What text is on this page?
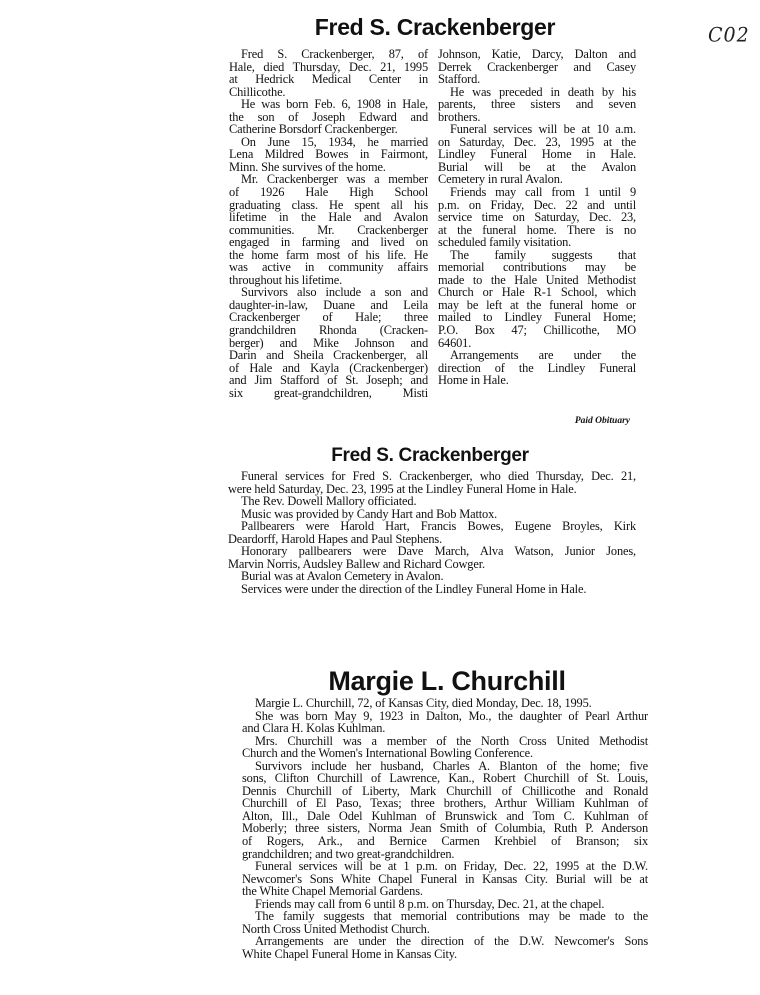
C02
Fred S. Crackenberger
Fred S. Crackenberger, 87, of
Hale, died Thursday, Dec. 21, 1995
at Hedrick Medical Center in
Chillicothe.
He was born Feb. 6, 1908 in Hale,
the son of Joseph Edward and
Catherine Borsdorf Crackenberger.
On June 15, 1934, he married
Lena Mildred Bowes in Fairmont,
Minn. She survives of the home.
Mr. Crackenberger was a member
of 1926 Hale High School
graduating class. He spent all his
lifetime in the Hale and Avalon
communities. Mr. Crackenberger
engaged in farming and lived on
the home farm most of his life. He
was active in community affairs
throughout his lifetime.
Survivors also include a son and
daughter-in-law, Duane and Leila
Crackenberger of Hale; three
grandchildren Rhonda (Cracken-
berger) and Mike Johnson and
Darin and Sheila Crackenberger, all
of Hale and Kayla (Crackenberger)
and Jim Stafford of St. Joseph; and
six great-grandchildren, Misti
Johnson, Katie, Darcy, Dalton and
Derrek Crackenberger and Casey
Stafford.
He was preceded in death by his
parents, three sisters and seven
brothers.
Funeral services will be at 10 a.m.
on Saturday, Dec. 23, 1995 at the
Lindley Funeral Home in Hale.
Burial will be at the Avalon
Cemetery in rural Avalon.
Friends may call from 1 until 9
p.m. on Friday, Dec. 22 and until
service time on Saturday, Dec. 23,
at the funeral home. There is no
scheduled family visitation.
The family suggests that
memorial contributions may be
made to the Hale United Methodist
Church or Hale R-1 School, which
may be left at the funeral home or
mailed to Lindley Funeral Home;
P.O. Box 47; Chillicothe, MO
64601.
Arrangements are under the
direction of the Lindley Funeral
Home in Hale.
Paid Obituary
Fred S. Crackenberger
Funeral services for Fred S. Crackenberger, who died Thursday, Dec. 21,
were held Saturday, Dec. 23, 1995 at the Lindley Funeral Home in Hale.
The Rev. Dowell Mallory officiated.
Music was provided by Candy Hart and Bob Mattox.
Pallbearers were Harold Hart, Francis Bowes, Eugene Broyles, Kirk
Deardorff, Harold Hapes and Paul Stephens.
Honorary pallbearers were Dave March, Alva Watson, Junior Jones,
Marvin Norris, Audsley Ballew and Richard Cowger.
Burial was at Avalon Cemetery in Avalon.
Services were under the direction of the Lindley Funeral Home in Hale.
Margie L. Churchill
Margie L. Churchill, 72, of Kansas City, died Monday, Dec. 18, 1995.
She was born May 9, 1923 in Dalton, Mo., the daughter of Pearl Arthur
and Clara H. Kolas Kuhlman.
Mrs. Churchill was a member of the North Cross United Methodist
Church and the Women's International Bowling Conference.
Survivors include her husband, Charles A. Blanton of the home; five
sons, Clifton Churchill of Lawrence, Kan., Robert Churchill of St. Louis,
Dennis Churchill of Liberty, Mark Churchill of Chillicothe and Ronald
Churchill of El Paso, Texas; three brothers, Arthur William Kuhlman of
Alton, Ill., Dale Odel Kuhlman of Brunswick and Tom C. Kuhlman of
Moberly; three sisters, Norma Jean Smith of Columbia, Ruth P. Anderson
of Rogers, Ark., and Bernice Carmen Krehbiel of Branson; six
grandchildren; and two great-grandchildren.
Funeral services will be at 1 p.m. on Friday, Dec. 22, 1995 at the D.W.
Newcomer's Sons White Chapel Funeral in Kansas City. Burial will be at
the White Chapel Memorial Gardens.
Friends may call from 6 until 8 p.m. on Thursday, Dec. 21, at the chapel.
The family suggests that memorial contributions may be made to the
North Cross United Methodist Church.
Arrangements are under the direction of the D.W. Newcomer's Sons
White Chapel Funeral Home in Kansas City.
